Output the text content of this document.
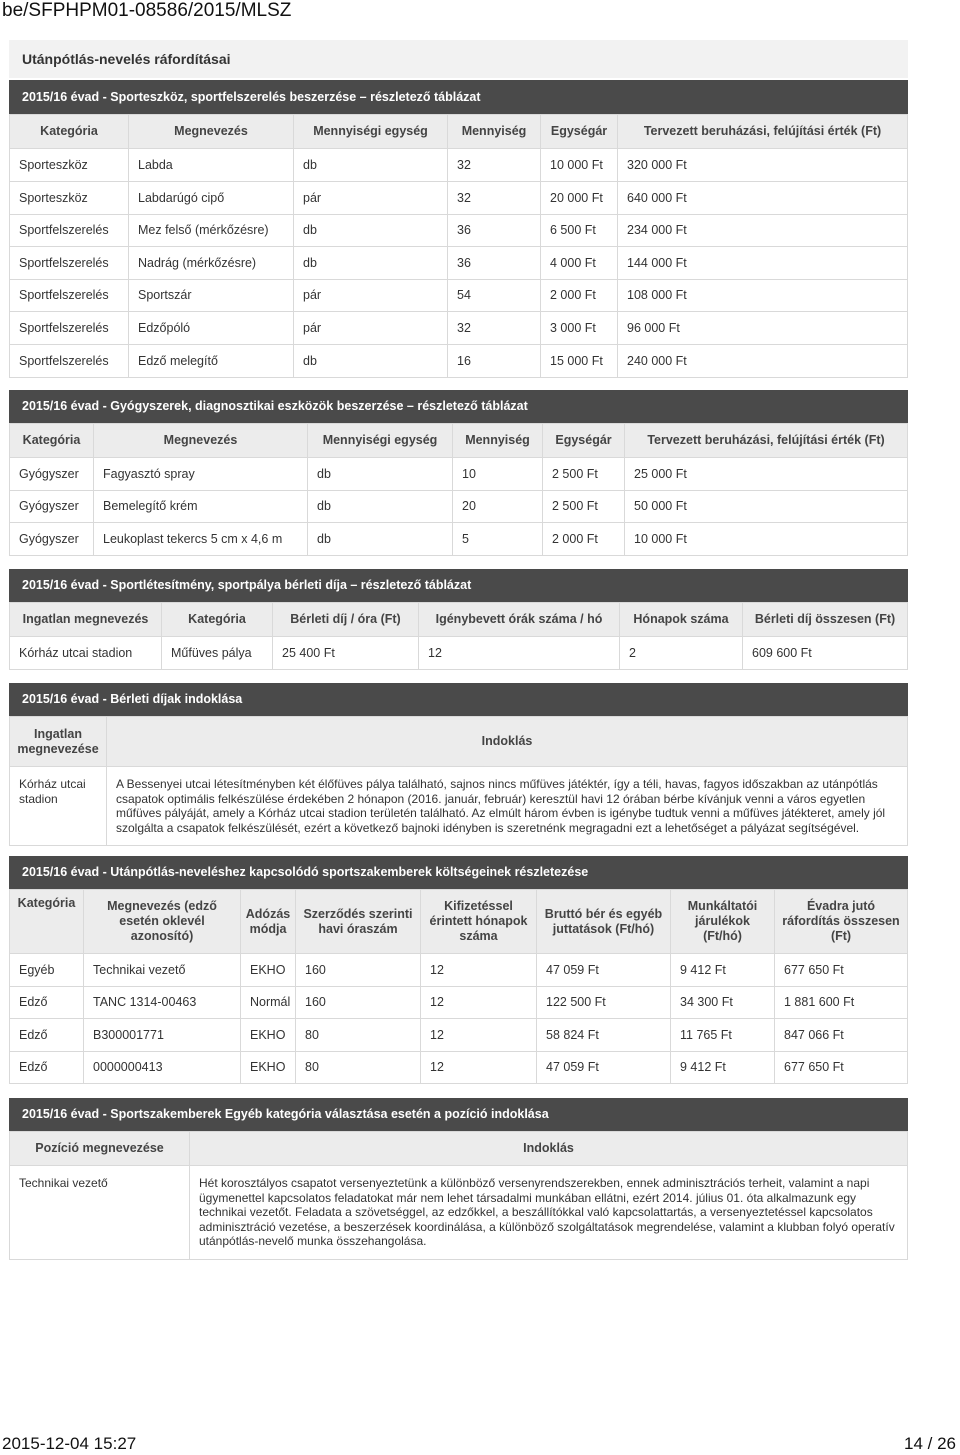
be/SFPHPM01-08586/2015/MLSZ
Utánpótlás-nevelés ráfordításai
2015/16 évad - Sporteszköz, sportfelszerelés beszerzése – részletező táblázat
Kategória	Megnevezés	Mennyiségi egység	Mennyiség	Egységár	Tervezett beruházási, felújítási érték (Ft)
Sporteszköz	Labda	db	32	10 000 Ft	320 000 Ft
Sporteszköz	Labdarúgó cipő	pár	32	20 000 Ft	640 000 Ft
Sportfelszerelés	Mez felső (mérkőzésre)	db	36	6 500 Ft	234 000 Ft
Sportfelszerelés	Nadrág (mérkőzésre)	db	36	4 000 Ft	144 000 Ft
Sportfelszerelés	Sportszár	pár	54	2 000 Ft	108 000 Ft
Sportfelszerelés	Edzőpóló	pár	32	3 000 Ft	96 000 Ft
Sportfelszerelés	Edző melegítő	db	16	15 000 Ft	240 000 Ft
2015/16 évad - Gyógyszerek, diagnosztikai eszközök beszerzése – részletező táblázat
Kategória	Megnevezés	Mennyiségi egység	Mennyiség	Egységár	Tervezett beruházási, felújítási érték (Ft)
Gyógyszer	Fagyasztó spray	db	10	2 500 Ft	25 000 Ft
Gyógyszer	Bemelegítő krém	db	20	2 500 Ft	50 000 Ft
Gyógyszer	Leukoplast tekercs 5 cm x 4,6 m	db	5	2 000 Ft	10 000 Ft
2015/16 évad - Sportlétesítmény, sportpálya bérleti díja – részletező táblázat
Ingatlan megnevezés	Kategória	Bérleti díj / óra (Ft)	Igénybevett órák száma / hó	Hónapok száma	Bérleti díj összesen (Ft)
Kórház utcai stadion	Műfüves pálya	25 400 Ft	12	2	609 600 Ft
2015/16 évad - Bérleti díjak indoklása
Ingatlan megnevezése	Indoklás
Kórház utcai stadion	A Bessenyei utcai létesítményben két élőfüves pálya található, sajnos nincs műfüves játéktér, így a téli, havas, fagyos időszakban az utánpótlás csapatok optimális felkészülése érdekében 2 hónapon (2016. január, február) keresztül havi 12 órában bérbe kívánjuk venni a város egyetlen műfüves pályáját, amely a Kórház utcai stadion területén található. Az elmúlt három évben is igénybe tudtuk venni a műfüves játékteret, amely jól szolgálta a csapatok felkészülését, ezért a következő bajnoki idényben is szeretnénk megragadni ezt a lehetőséget a pályázat segítségével.
2015/16 évad - Utánpótlás-neveléshez kapcsolódó sportszakemberek költségeinek részletezése
Kategória	Megnevezés (edző esetén oklevél azonosító)	Adózás módja	Szerződés szerinti havi óraszám	Kifizetéssel érintett hónapok száma	Bruttó bér és egyéb juttatások (Ft/hó)	Munkáltatói járulékok (Ft/hó)	Évadra jutó ráfordítás összesen (Ft)
Egyéb	Technikai vezető	EKHO	160	12	47 059 Ft	9 412 Ft	677 650 Ft
Edző	TANC 1314-00463	Normál	160	12	122 500 Ft	34 300 Ft	1 881 600 Ft
Edző	B300001771	EKHO	80	12	58 824 Ft	11 765 Ft	847 066 Ft
Edző	0000000413	EKHO	80	12	47 059 Ft	9 412 Ft	677 650 Ft
2015/16 évad - Sportszakemberek Egyéb kategória választása esetén a pozíció indoklása
Pozíció megnevezése	Indoklás
Technikai vezető	Hét korosztályos csapatot versenyeztetünk a különböző versenyrendszerekben, ennek adminisztrációs terheit, valamint a napi ügymenettel kapcsolatos feladatokat már nem lehet társadalmi munkában ellátni, ezért 2014. július 01. óta alkalmazunk egy technikai vezetőt. Feladata a szövetséggel, az edzőkkel, a beszállítókkal való kapcsolattartás, a versenyeztetéssel kapcsolatos adminisztráció vezetése, a beszerzések koordinálása, a különböző szolgáltatások megrendelése, valamint a klubban folyó operatív utánpótlás-nevelő munka összehangolása.
2015-12-04 15:27	14 / 26
